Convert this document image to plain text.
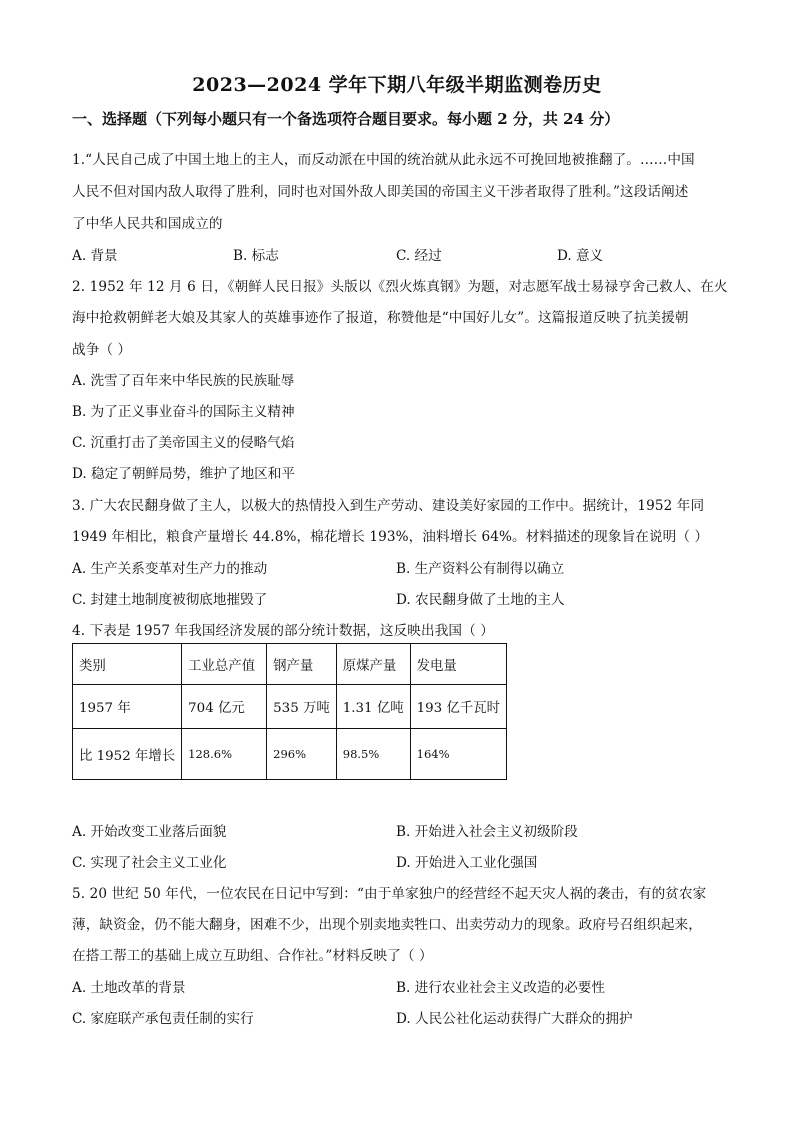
2023—2024 学年下期八年级半期监测卷历史
一、选择题（下列每小题只有一个备选项符合题目要求。每小题 2 分，共 24 分）
1.“人民自己成了中国土地上的主人，而反动派在中国的统治就从此永远不可挽回地被推翻了。……中国
人民不但对国内敌人取得了胜利，同时也对国外敌人即美国的帝国主义干涉者取得了胜利。”这段话阐述
了中华人民共和国成立的
A. 背景	B. 标志	C. 经过	D. 意义
2. 1952 年 12 月 6 日，《朝鲜人民日报》头版以《烈火炼真钢》为题，对志愿军战士易禄亨舍己救人、在火
海中抢救朝鲜老大娘及其家人的英雄事迹作了报道，称赞他是“中国好儿女”。这篇报道反映了抗美援朝
战争（ ）
A. 洗雪了百年来中华民族的民族耻辱
B. 为了正义事业奋斗的国际主义精神
C. 沉重打击了美帝国主义的侵略气焰
D. 稳定了朝鲜局势，维护了地区和平
3. 广大农民翻身做了主人，以极大的热情投入到生产劳动、建设美好家园的工作中。据统计，1952 年同
1949 年相比，粮食产量增长 44.8%，棉花增长 193%，油料增长 64%。材料描述的现象旨在说明（ ）
A. 生产关系变革对生产力的推动	B. 生产资料公有制得以确立
C. 封建土地制度被彻底地摧毁了	D. 农民翻身做了土地的主人
4. 下表是 1957 年我国经济发展的部分统计数据，这反映出我国（ ）
类别	工业总产值	钢产量	原煤产量	发电量
1957 年	704 亿元	535 万吨	1.31 亿吨	193 亿千瓦时
比 1952 年增长	128.6%	296%	98.5%	164%
A. 开始改变工业落后面貌	B. 开始进入社会主义初级阶段
C. 实现了社会主义工业化	D. 开始进入工业化强国
5. 20 世纪 50 年代，一位农民在日记中写到：“由于单家独户的经营经不起天灾人祸的袭击，有的贫农家
薄，缺资金，仍不能大翻身，困难不少，出现个别卖地卖牲口、出卖劳动力的现象。政府号召组织起来，
在搭工帮工的基础上成立互助组、合作社。”材料反映了（ ）
A. 土地改革的背景	B. 进行农业社会主义改造的必要性
C. 家庭联产承包责任制的实行	D. 人民公社化运动获得广大群众的拥护
